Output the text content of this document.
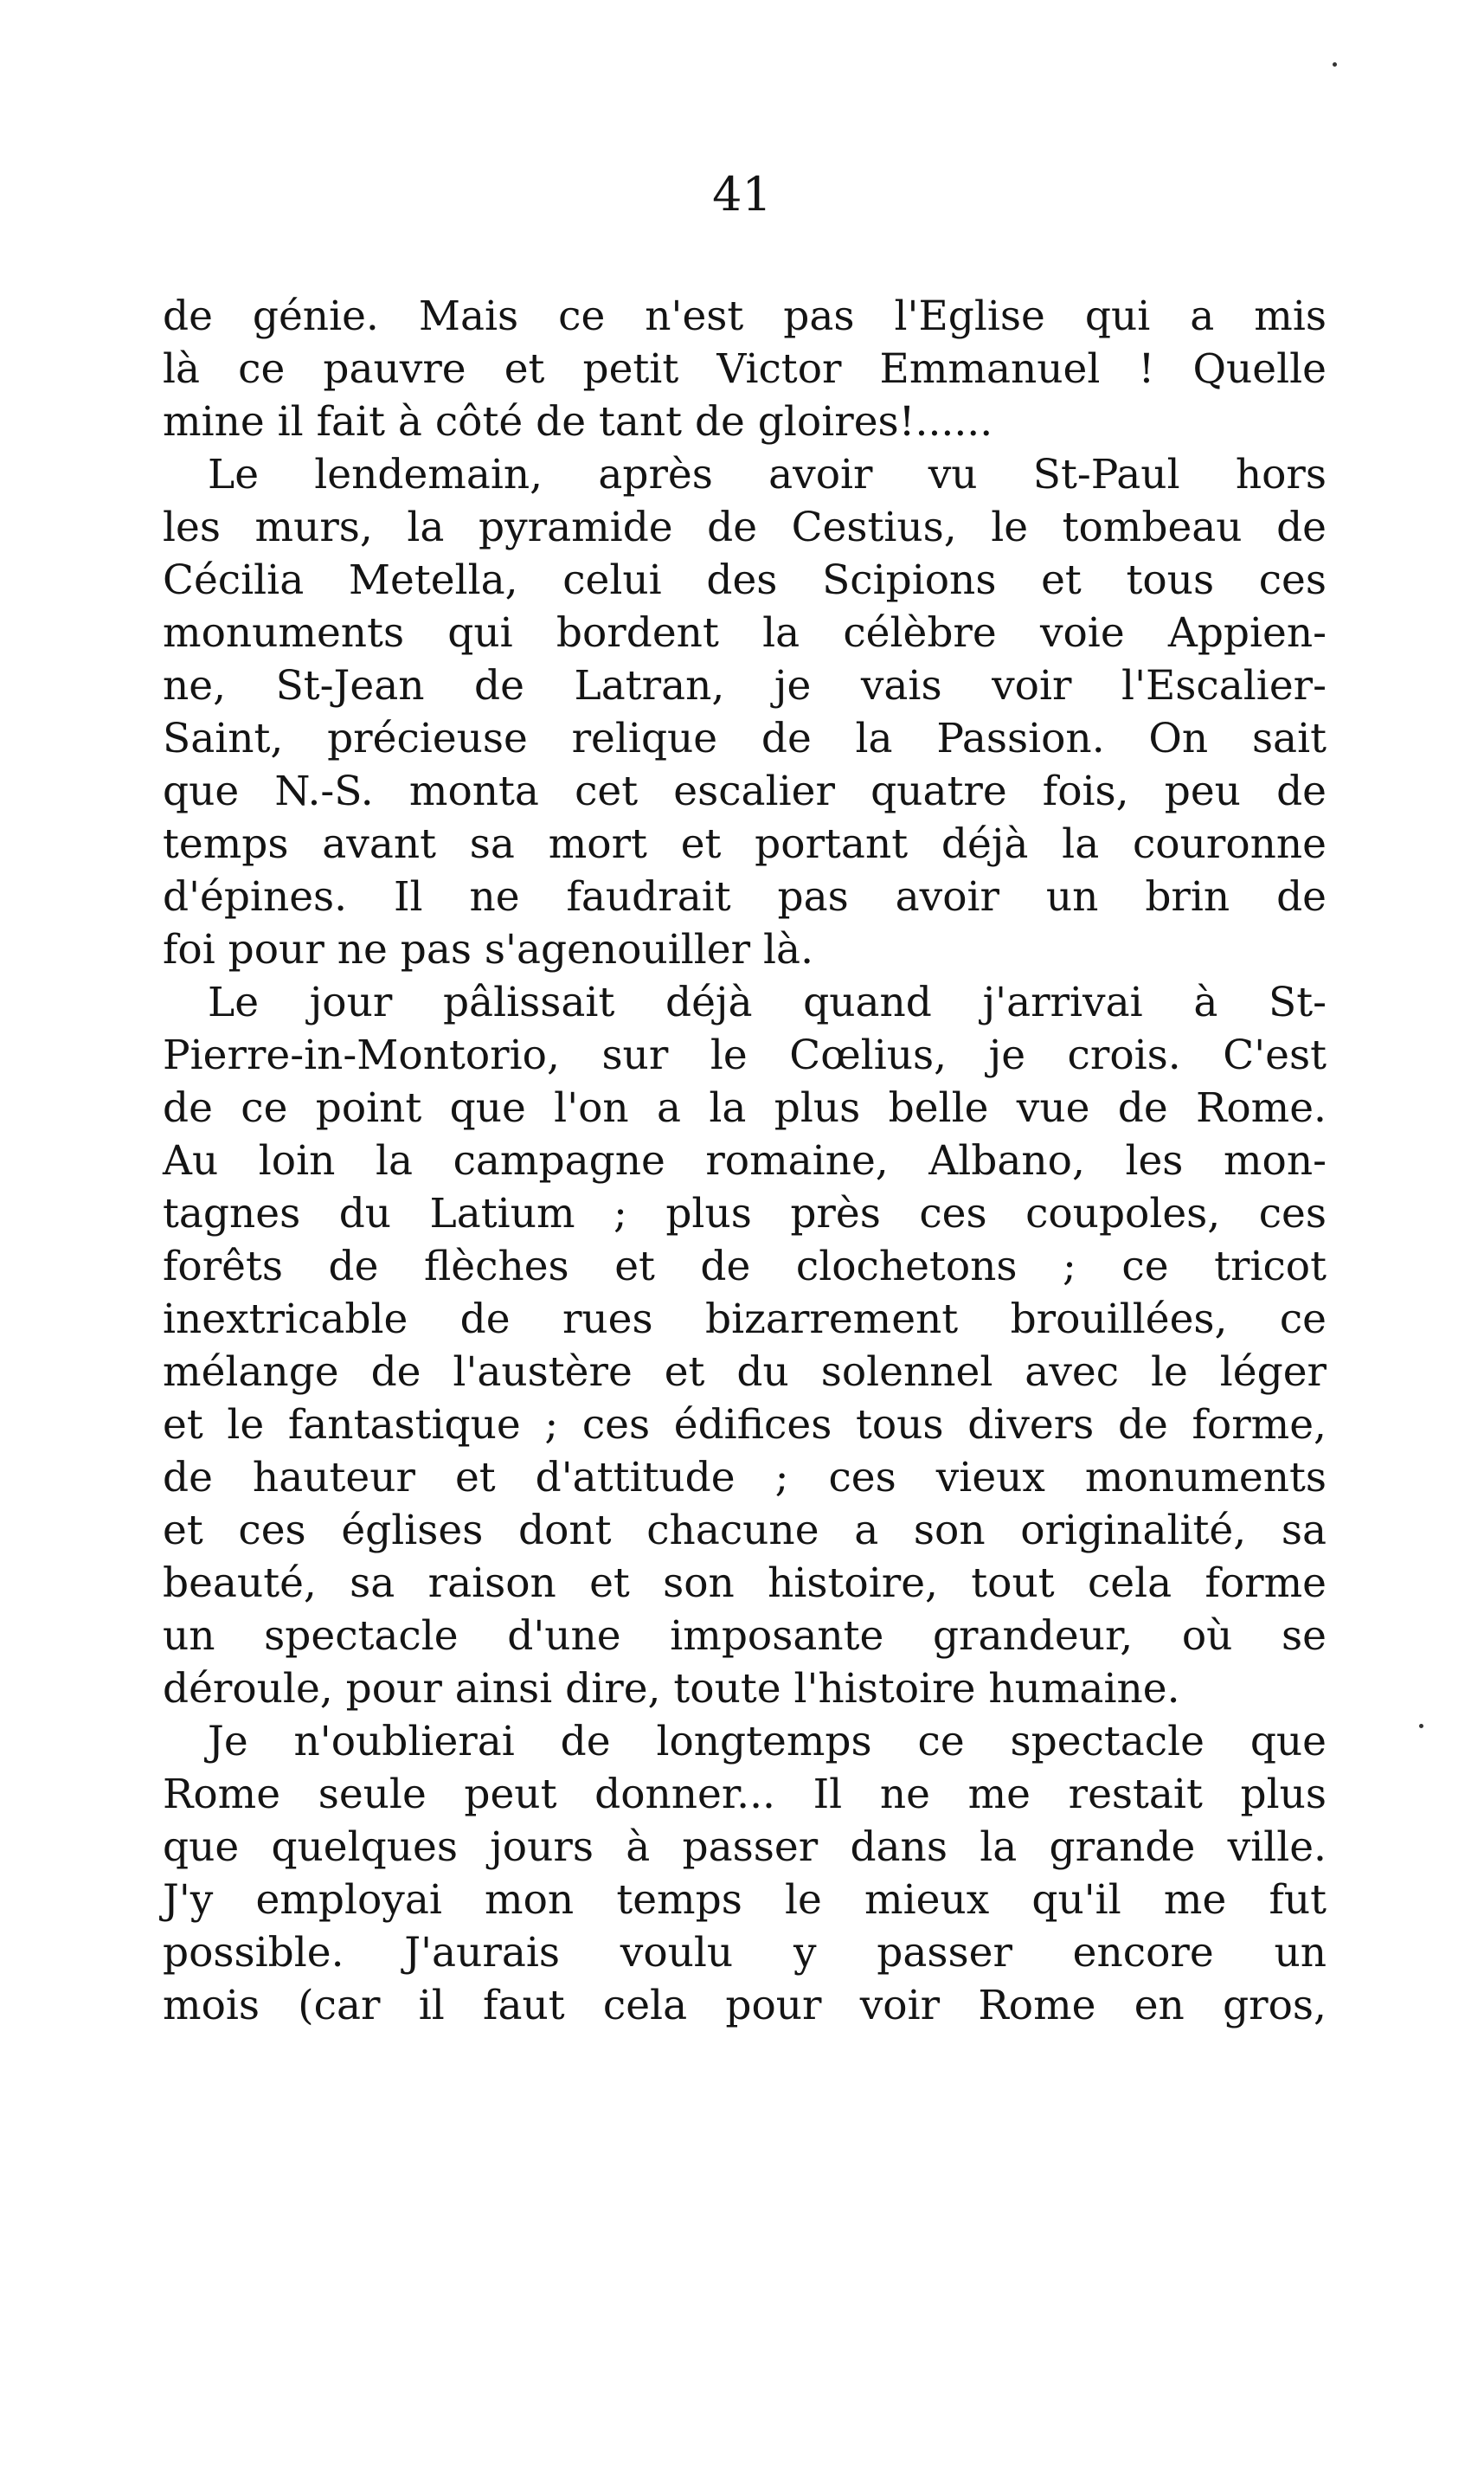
41
de génie. Mais ce n'est pas l'Eglise qui a mis
là ce pauvre et petit Victor Emmanuel ! Quelle
mine il fait à côté de tant de gloires!......
Le lendemain, après avoir vu St-Paul hors
les murs, la pyramide de Cestius, le tombeau de
Cécilia Metella, celui des Scipions et tous ces
monuments qui bordent la célèbre voie Appien-
ne, St-Jean de Latran, je vais voir l'Escalier-
Saint, précieuse relique de la Passion. On sait
que N.-S. monta cet escalier quatre fois, peu de
temps avant sa mort et portant déjà la couronne
d'épines. Il ne faudrait pas avoir un brin de
foi pour ne pas s'agenouiller là.
Le jour pâlissait déjà quand j'arrivai à St-
Pierre-in-Montorio, sur le Cœlius, je crois. C'est
de ce point que l'on a la plus belle vue de Rome.
Au loin la campagne romaine, Albano, les mon-
tagnes du Latium ; plus près ces coupoles, ces
forêts de flèches et de clochetons ; ce tricot
inextricable de rues bizarrement brouillées, ce
mélange de l'austère et du solennel avec le léger
et le fantastique ; ces édifices tous divers de forme,
de hauteur et d'attitude ; ces vieux monuments
et ces églises dont chacune a son originalité, sa
beauté, sa raison et son histoire, tout cela forme
un spectacle d'une imposante grandeur, où se
déroule, pour ainsi dire, toute l'histoire humaine.
Je n'oublierai de longtemps ce spectacle que
Rome seule peut donner... Il ne me restait plus
que quelques jours à passer dans la grande ville.
J'y employai mon temps le mieux qu'il me fut
possible. J'aurais voulu y passer encore un
mois (car il faut cela pour voir Rome en gros,
